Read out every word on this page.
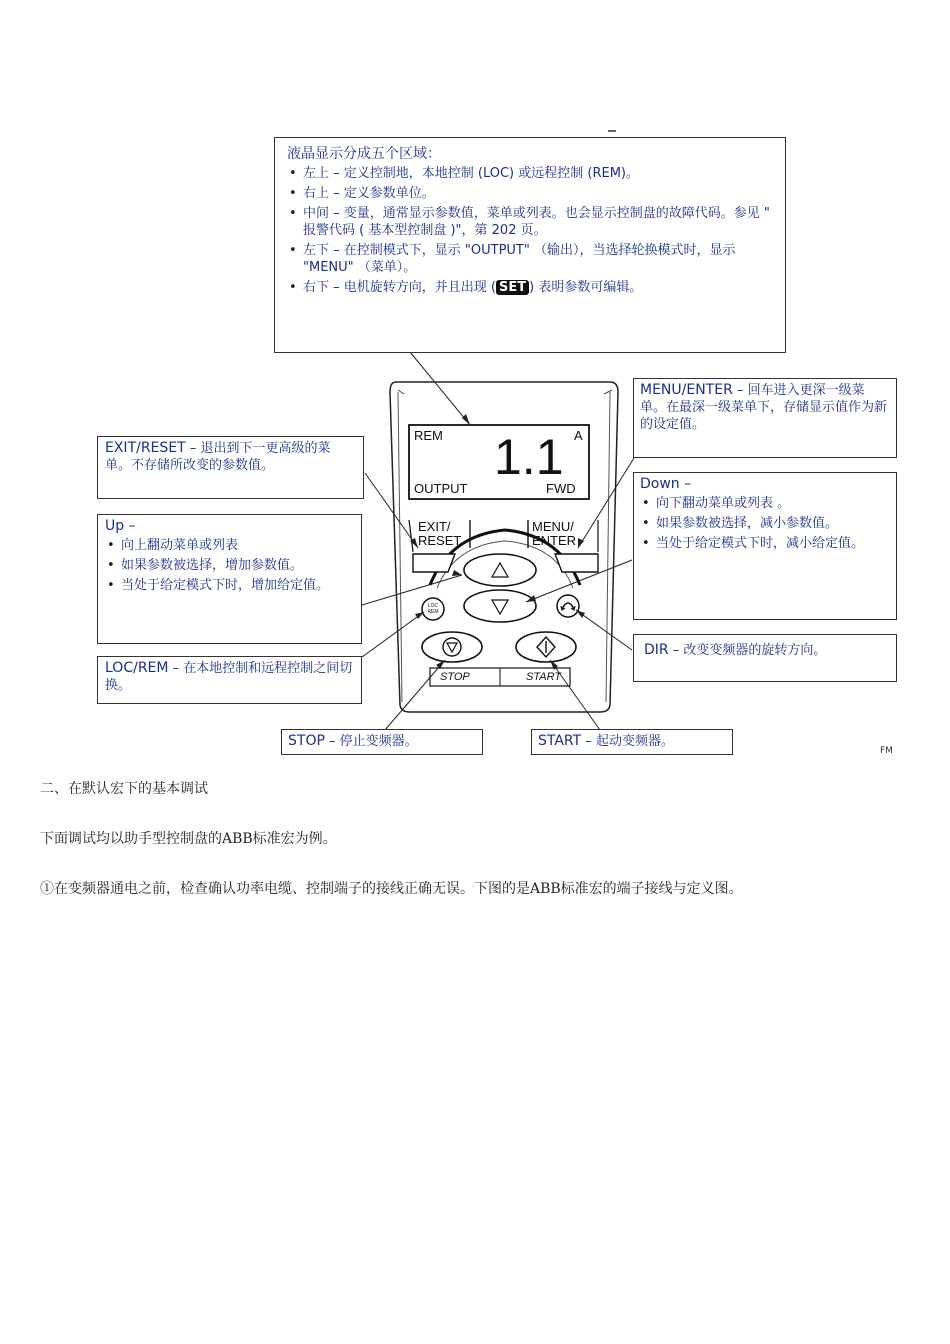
REM	A
1.1
OUTPUT	FWD
EXIT/
RESET
MENU/
ENTER
LOC
REM
STOP	START
液晶显示分成五个区域：
• 左上 – 定义控制地，本地控制 (LOC) 或远程控制 (REM)。
• 右上 – 定义参数单位。
• 中间 – 变量，通常显示参数值，菜单或列表。也会显示控制盘的故障代码。参见 " 报警代码 ( 基本型控制盘 )"，第 202 页。
• 左下 – 在控制模式下，显示 "OUTPUT" （输出），当选择轮换模式时，显示 "MENU" （菜单）。
• 右下 – 电机旋转方向，并且出现 ( SET ) 表明参数可编辑。
MENU/ENTER – 回车进入更深一级菜单。在最深一级菜单下，存储显示值作为新的设定值。
EXIT/RESET – 退出到下一更高级的菜单。不存储所改变的参数值。
Down –
• 向下翻动菜单或列表 。
• 如果参数被选择，减小参数值。
• 当处于给定模式下时，减小给定值。
Up –
• 向上翻动菜单或列表
• 如果参数被选择，增加参数值。
• 当处于给定模式下时，增加给定值。
LOC/REM – 在本地控制和远程控制之间切换。
DIR – 改变变频器的旋转方向。
STOP – 停止变频器。	START – 起动变频器。
FM
二、在默认宏下的基本调试
下面调试均以助手型控制盘的ABB标准宏为例。
①在变频器通电之前，检查确认功率电缆、控制端子的接线正确无误。下图的是ABB标准宏的端子接线与定义图。
